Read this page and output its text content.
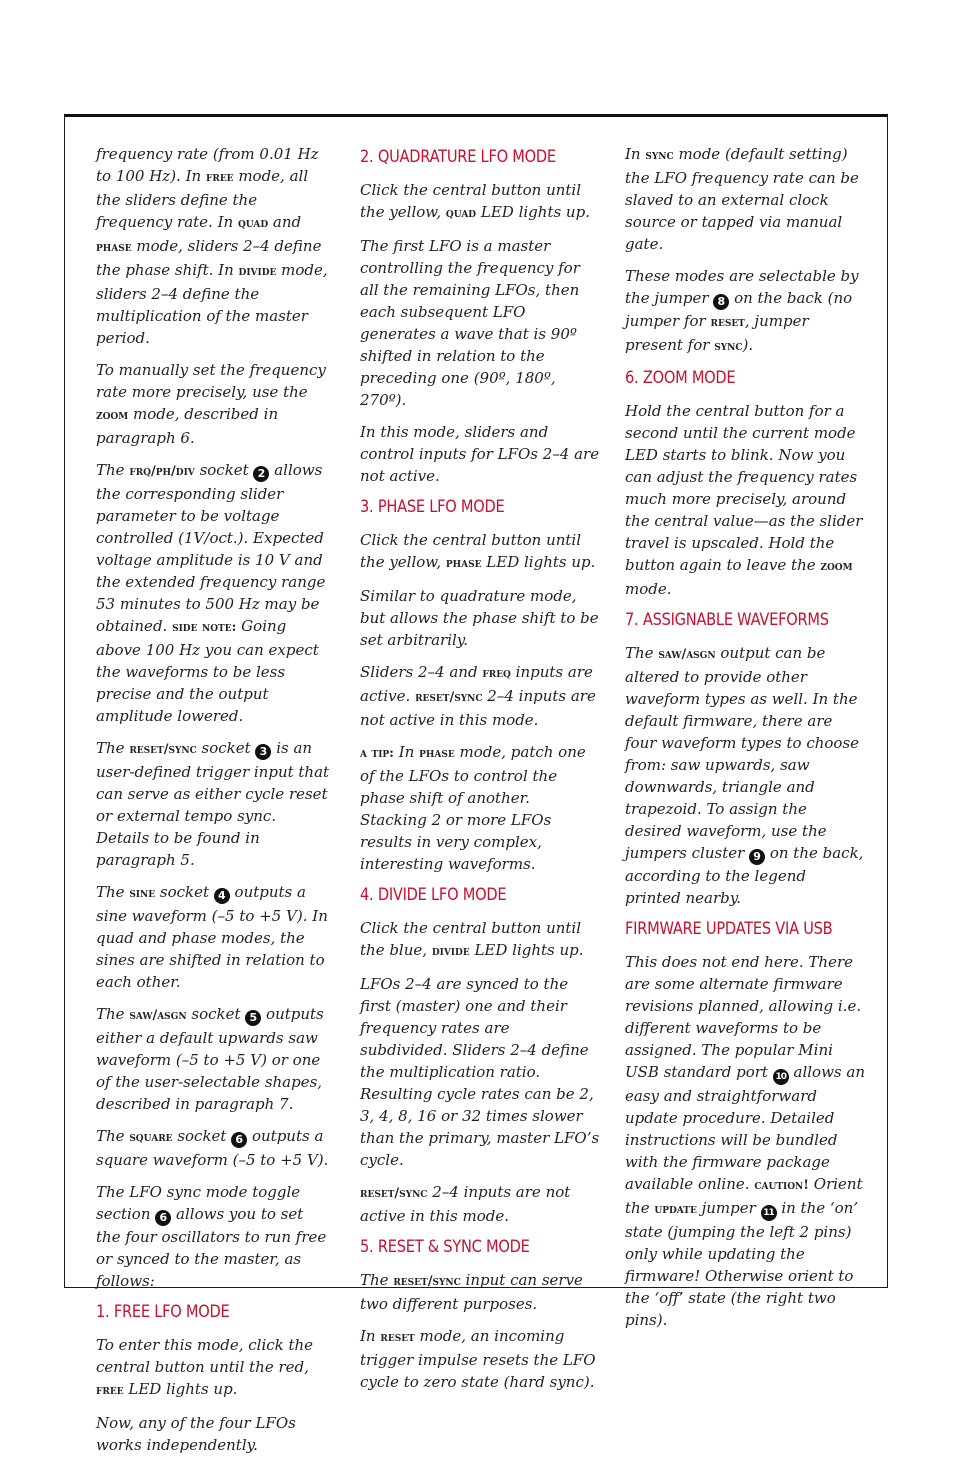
frequency rate (from 0.01 Hz to 100 Hz). In free mode, all the sliders define the frequency rate. In quad and phase mode, sliders 2–4 define the phase shift. In divide mode, sliders 2–4 define the multiplication of the master period.

To manually set the frequency rate more precisely, use the zoom mode, described in paragraph 6.

The frq/ph/div socket 2 allows the corresponding slider parameter to be voltage controlled (1V/oct.). Expected voltage amplitude is 10 V and the extended frequency range 53 minutes to 500 Hz may be obtained. side note: Going above 100 Hz you can expect the waveforms to be less precise and the output amplitude lowered.

The reset/sync socket 3 is an user-defined trigger input that can serve as either cycle reset or external tempo sync. Details to be found in paragraph 5.

The sine socket 4 outputs a sine waveform (–5 to +5 V). In quad and phase modes, the sines are shifted in relation to each other.

The saw/asgn socket 5 outputs either a default upwards saw waveform (–5 to +5 V) or one of the user-selectable shapes, described in paragraph 7.

The square socket 6 outputs a square waveform (–5 to +5 V).

The LFO sync mode toggle section 6 allows you to set the four oscillators to run free or synced to the master, as follows:

1. FREE LFO MODE

To enter this mode, click the central button until the red, free LED lights up.

Now, any of the four LFOs works independently.

2. QUADRATURE LFO MODE

Click the central button until the yellow, quad LED lights up.

The first LFO is a master controlling the frequency for all the remaining LFOs, then each subsequent LFO generates a wave that is 90º shifted in relation to the preceding one (90º, 180º, 270º).

In this mode, sliders and control inputs for LFOs 2–4 are not active.

3. PHASE LFO MODE

Click the central button until the yellow, phase LED lights up.

Similar to quadrature mode, but allows the phase shift to be set arbitrarily.

Sliders 2–4 and freq inputs are active. reset/sync 2–4 inputs are not active in this mode.

a tip: In phase mode, patch one of the LFOs to control the phase shift of another. Stacking 2 or more LFOs results in very complex, interesting waveforms.

4. DIVIDE LFO MODE

Click the central button until the blue, divide LED lights up.

LFOs 2–4 are synced to the first (master) one and their frequency rates are subdivided. Sliders 2–4 define the multiplication ratio. Resulting cycle rates can be 2, 3, 4, 8, 16 or 32 times slower than the primary, master LFO’s cycle.

reset/sync 2–4 inputs are not active in this mode.

5. RESET & SYNC MODE

The reset/sync input can serve two different purposes.

In reset mode, an incoming trigger impulse resets the LFO cycle to zero state (hard sync).

In sync mode (default setting) the LFO frequency rate can be slaved to an external clock source or tapped via manual gate.

These modes are selectable by the jumper 8 on the back (no jumper for reset, jumper present for sync).

6. ZOOM MODE

Hold the central button for a second until the current mode LED starts to blink. Now you can adjust the frequency rates much more precisely, around the central value—as the slider travel is upscaled. Hold the button again to leave the zoom mode.

7. ASSIGNABLE WAVEFORMS

The saw/asgn output can be altered to provide other waveform types as well. In the default firmware, there are four waveform types to choose from: saw upwards, saw downwards, triangle and trapezoid. To assign the desired waveform, use the jumpers cluster 9 on the back, according to the legend printed nearby.

FIRMWARE UPDATES VIA USB

This does not end here. There are some alternate firmware revisions planned, allowing i.e. different waveforms to be assigned. The popular Mini USB standard port 10 allows an easy and straightforward update procedure. Detailed instructions will be bundled with the firmware package available online. caution! Orient the update jumper 11 in the ‘on’ state (jumping the left 2 pins) only while updating the firmware! Otherwise orient to the ‘off’ state (the right two pins).
